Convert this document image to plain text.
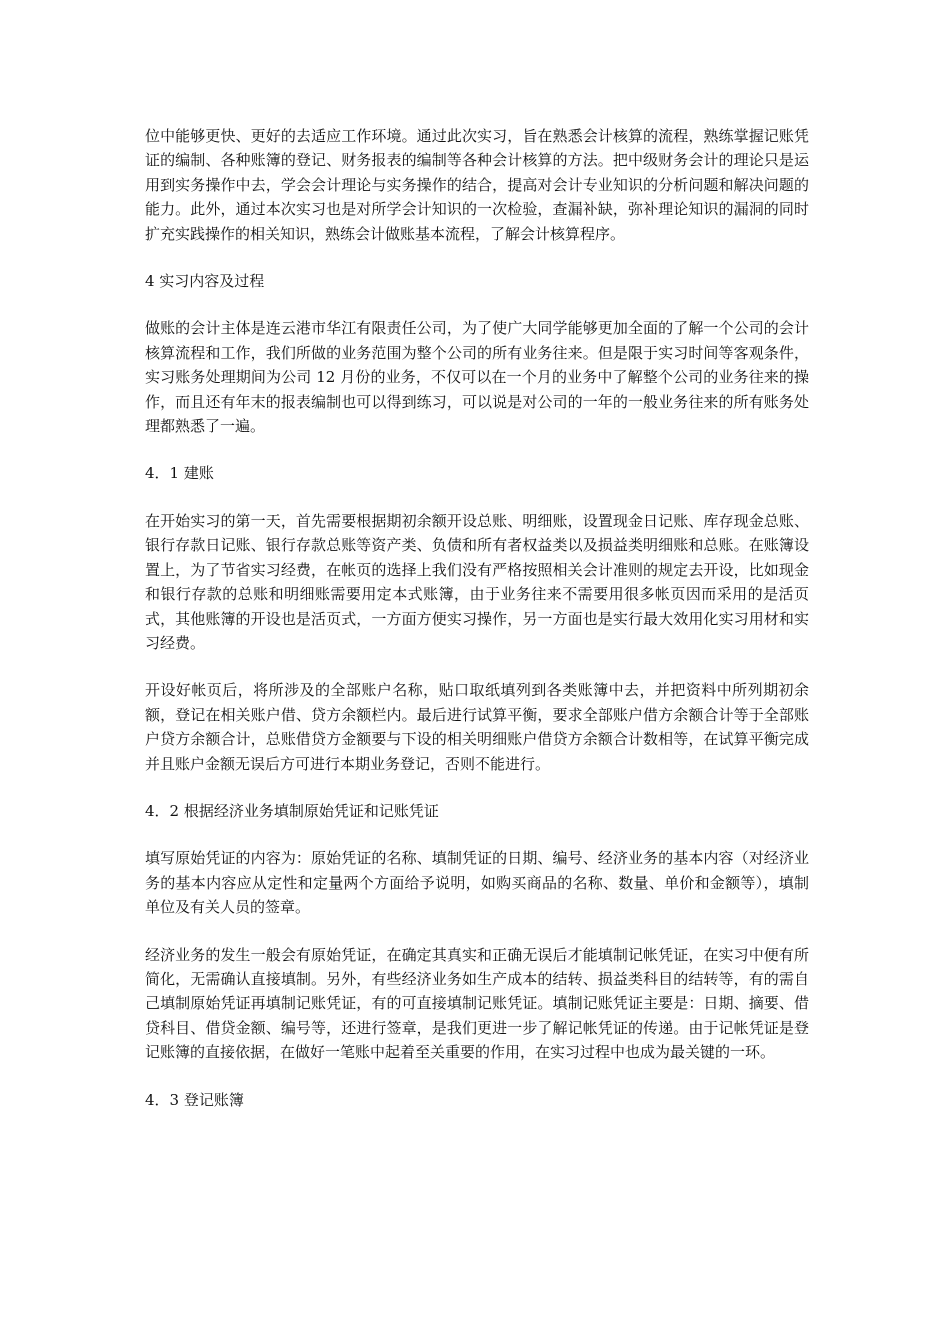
位中能够更快、更好的去适应工作环境。通过此次实习，旨在熟悉会计核算的流程，熟练掌握记账凭证的编制、各种账簿的登记、财务报表的编制等各种会计核算的方法。把中级财务会计的理论只是运用到实务操作中去，学会会计理论与实务操作的结合，提高对会计专业知识的分析问题和解决问题的能力。此外，通过本次实习也是对所学会计知识的一次检验，查漏补缺，弥补理论知识的漏洞的同时扩充实践操作的相关知识，熟练会计做账基本流程，了解会计核算程序。

4 实习内容及过程

做账的会计主体是连云港市华江有限责任公司，为了使广大同学能够更加全面的了解一个公司的会计核算流程和工作，我们所做的业务范围为整个公司的所有业务往来。但是限于实习时间等客观条件，实习账务处理期间为公司 12 月份的业务，不仅可以在一个月的业务中了解整个公司的业务往来的操作，而且还有年末的报表编制也可以得到练习，可以说是对公司的一年的一般业务往来的所有账务处理都熟悉了一遍。

4．1 建账

在开始实习的第一天，首先需要根据期初余额开设总账、明细账，设置现金日记账、库存现金总账、银行存款日记账、银行存款总账等资产类、负债和所有者权益类以及损益类明细账和总账。在账簿设置上，为了节省实习经费，在帐页的选择上我们没有严格按照相关会计准则的规定去开设，比如现金和银行存款的总账和明细账需要用定本式账簿，由于业务往来不需要用很多帐页因而采用的是活页式，其他账簿的开设也是活页式，一方面方便实习操作，另一方面也是实行最大效用化实习用材和实习经费。

开设好帐页后，将所涉及的全部账户名称，贴口取纸填列到各类账簿中去，并把资料中所列期初余额，登记在相关账户借、贷方余额栏内。最后进行试算平衡，要求全部账户借方余额合计等于全部账户贷方余额合计，总账借贷方金额要与下设的相关明细账户借贷方余额合计数相等，在试算平衡完成并且账户金额无误后方可进行本期业务登记，否则不能进行。

4．2 根据经济业务填制原始凭证和记账凭证

填写原始凭证的内容为：原始凭证的名称、填制凭证的日期、编号、经济业务的基本内容（对经济业务的基本内容应从定性和定量两个方面给予说明，如购买商品的名称、数量、单价和金额等），填制单位及有关人员的签章。

经济业务的发生一般会有原始凭证，在确定其真实和正确无误后才能填制记帐凭证，在实习中便有所简化，无需确认直接填制。另外，有些经济业务如生产成本的结转、损益类科目的结转等，有的需自己填制原始凭证再填制记账凭证，有的可直接填制记账凭证。填制记账凭证主要是：日期、摘要、借贷科目、借贷金额、编号等，还进行签章，是我们更进一步了解记帐凭证的传递。由于记帐凭证是登记账簿的直接依据，在做好一笔账中起着至关重要的作用，在实习过程中也成为最关键的一环。

4．3 登记账簿
